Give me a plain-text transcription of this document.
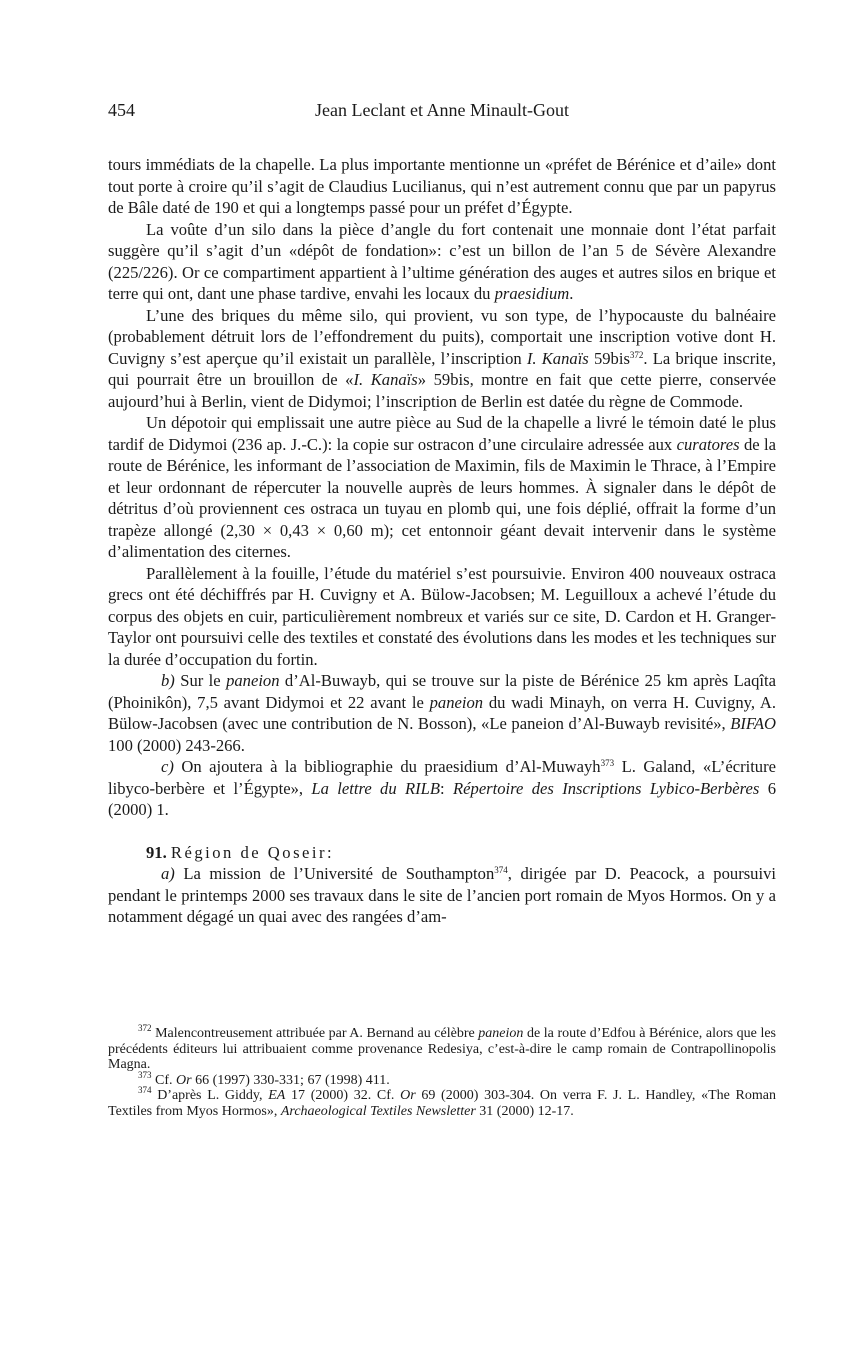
454	Jean Leclant et Anne Minault-Gout

tours immédiats de la chapelle. La plus importante mentionne un «préfet de Bérénice et d’aile» dont tout porte à croire qu’il s’agit de Claudius Lucilianus, qui n’est autrement connu que par un papyrus de Bâle daté de 190 et qui a longtemps passé pour un préfet d’Égypte.

La voûte d’un silo dans la pièce d’angle du fort contenait une monnaie dont l’état parfait suggère qu’il s’agit d’un «dépôt de fondation»: c’est un billon de l’an 5 de Sévère Alexandre (225/226). Or ce compartiment appartient à l’ultime génération des auges et autres silos en brique et terre qui ont, dant une phase tardive, envahi les locaux du praesidium.

L’une des briques du même silo, qui provient, vu son type, de l’hypocauste du balnéaire (probablement détruit lors de l’effondrement du puits), comportait une inscription votive dont H. Cuvigny s’est aperçue qu’il existait un parallèle, l’inscription I. Kanaïs 59bis$^{372}$. La brique inscrite, qui pourrait être un brouillon de «I. Kanaïs» 59bis, montre en fait que cette pierre, conservée aujourd’hui à Berlin, vient de Didymoi; l’inscription de Berlin est datée du règne de Commode.

Un dépotoir qui emplissait une autre pièce au Sud de la chapelle a livré le témoin daté le plus tardif de Didymoi (236 ap. J.-C.): la copie sur ostracon d’une circulaire adressée aux curatores de la route de Bérénice, les informant de l’association de Maximin, fils de Maximin le Thrace, à l’Empire et leur ordonnant de répercuter la nouvelle auprès de leurs hommes. À signaler dans le dépôt de détritus d’où proviennent ces ostraca un tuyau en plomb qui, une fois déplié, offrait la forme d’un trapèze allongé (2,30 × 0,43 × 0,60 m); cet entonnoir géant devait intervenir dans le système d’alimentation des citernes.

Parallèlement à la fouille, l’étude du matériel s’est poursuivie. Environ 400 nouveaux ostraca grecs ont été déchiffrés par H. Cuvigny et A. Bülow-Jacobsen; M. Leguilloux a achevé l’étude du corpus des objets en cuir, particulièrement nombreux et variés sur ce site, D. Cardon et H. Granger-Taylor ont poursuivi celle des textiles et constaté des évolutions dans les modes et les techniques sur la durée d’occupation du fortin.

b) Sur le paneion d’Al-Buwayb, qui se trouve sur la piste de Bérénice 25 km après Laqîta (Phoinikôn), 7,5 avant Didymoi et 22 avant le paneion du wadi Minayh, on verra H. Cuvigny, A. Bülow-Jacobsen (avec une contribution de N. Bosson), «Le paneion d’Al-Buwayb revisité», BIFAO 100 (2000) 243-266.

c) On ajoutera à la bibliographie du praesidium d’Al-Muwayh$^{373}$ L. Galand, «L’écriture libyco-berbère et l’Égypte», La lettre du RILB: Répertoire des Inscriptions Lybico-Berbères 6 (2000) 1.

91. Région de Qoseir:

a) La mission de l’Université de Southampton$^{374}$, dirigée par D. Peacock, a poursuivi pendant le printemps 2000 ses travaux dans le site de l’ancien port romain de Myos Hormos. On y a notamment dégagé un quai avec des rangées d’am-

$^{372}$ Malencontreusement attribuée par A. Bernand au célèbre paneion de la route d’Edfou à Bérénice, alors que les précédents éditeurs lui attribuaient comme provenance Redesiya, c’est-à-dire le camp romain de Contrapollinopolis Magna.

$^{373}$ Cf. Or 66 (1997) 330-331; 67 (1998) 411.

$^{374}$ D’après L. Giddy, EA 17 (2000) 32. Cf. Or 69 (2000) 303-304. On verra F. J. L. Handley, «The Roman Textiles from Myos Hormos», Archaeological Textiles Newsletter 31 (2000) 12-17.
